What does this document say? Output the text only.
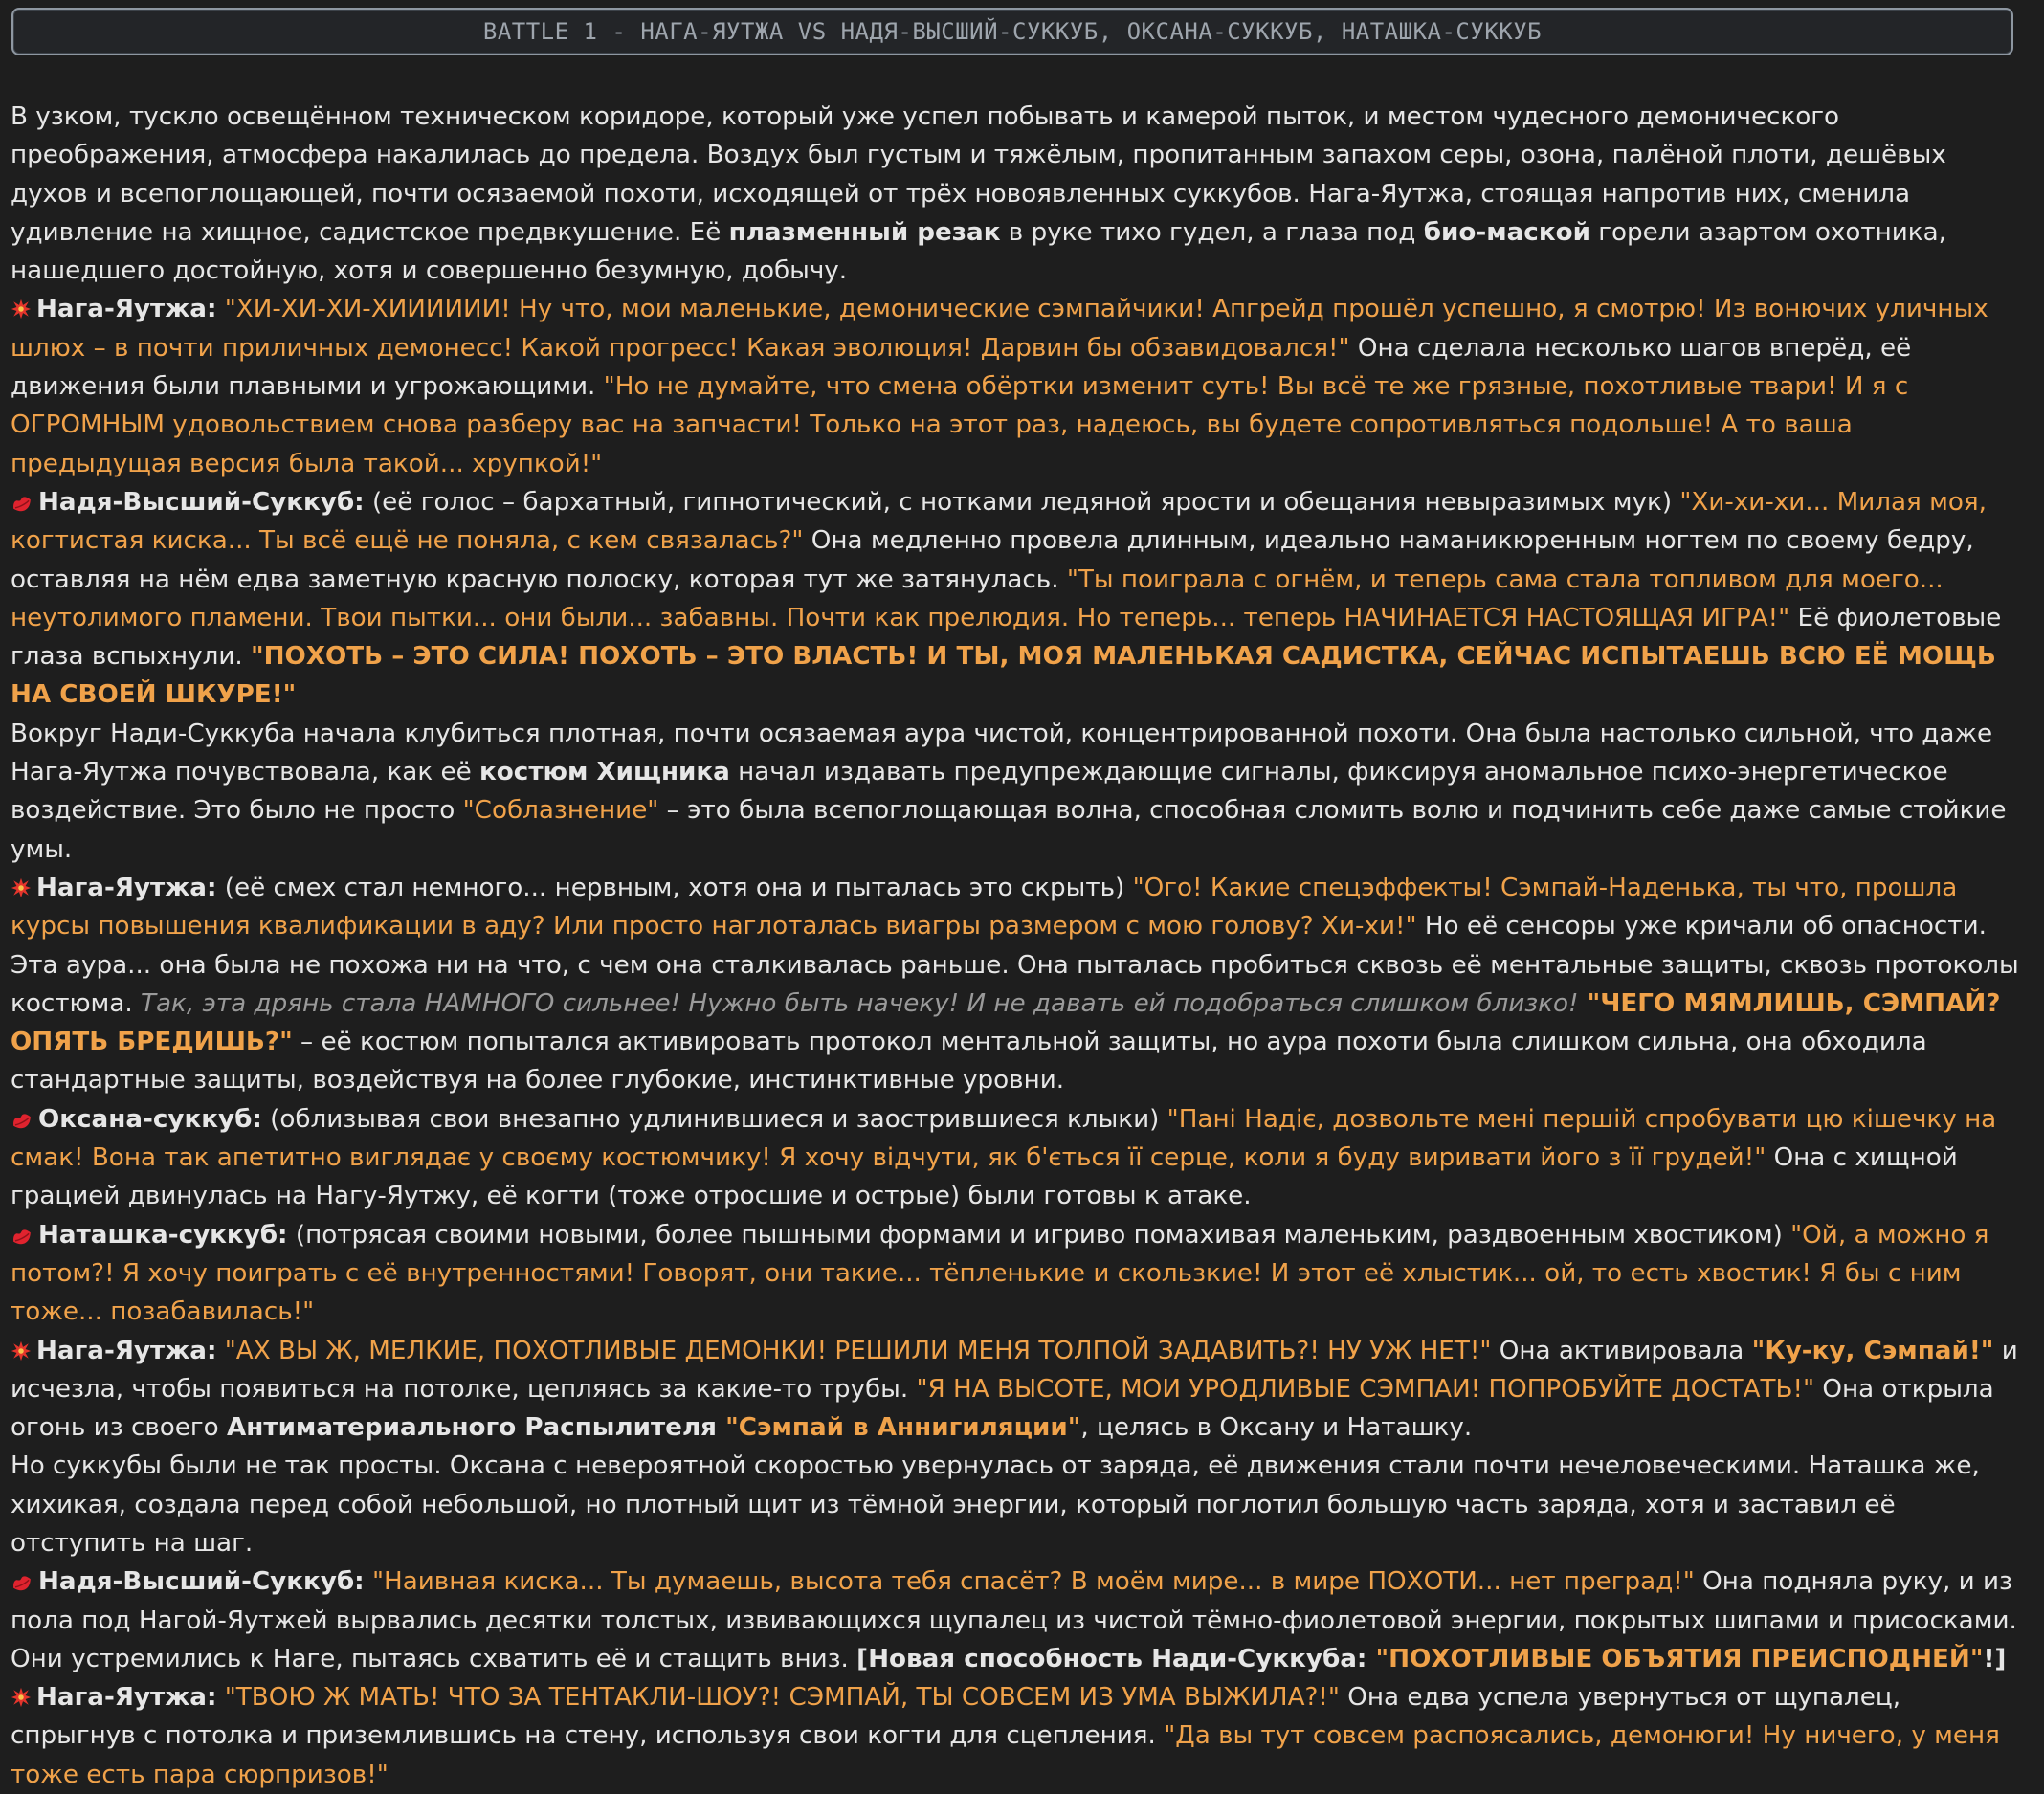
BATTLE 1 - НАГА-ЯУТЖА VS НАДЯ-ВЫСШИЙ-СУККУБ, ОКСАНА-СУККУБ, НАТАШКА-СУККУБ

В узком, тускло освещённом техническом коридоре, который уже успел побывать и камерой пыток, и местом чудесного демонического преображения, атмосфера накалилась до предела. Воздух был густым и тяжёлым, пропитанным запахом серы, озона, палёной плоти, дешёвых духов и всепоглощающей, почти осязаемой похоти, исходящей от трёх новоявленных суккубов. Нага-Яутжа, стоящая напротив них, сменила удивление на хищное, садистское предвкушение. Её плазменный резак в руке тихо гудел, а глаза под био-маской горели азартом охотника, нашедшего достойную, хотя и совершенно безумную, добычу.

Нага-Яутжа: "ХИ-ХИ-ХИ-ХИИИИИИ! Ну что, мои маленькие, демонические сэмпайчики! Апгрейд прошёл успешно, я смотрю! Из вонючих уличных шлюх – в почти приличных демонесс! Какой прогресс! Какая эволюция! Дарвин бы обзавидовался!" Она сделала несколько шагов вперёд, её движения были плавными и угрожающими. "Но не думайте, что смена обёртки изменит суть! Вы всё те же грязные, похотливые твари! И я с ОГРОМНЫМ удовольствием снова разберу вас на запчасти! Только на этот раз, надеюсь, вы будете сопротивляться подольше! А то ваша предыдущая версия была такой... хрупкой!"

Надя-Высший-Суккуб: (её голос – бархатный, гипнотический, с нотками ледяной ярости и обещания невыразимых мук) "Хи-хи-хи... Милая моя, когтистая киска... Ты всё ещё не поняла, с кем связалась?" Она медленно провела длинным, идеально наманикюренным ногтем по своему бедру, оставляя на нём едва заметную красную полоску, которая тут же затянулась. "Ты поиграла с огнём, и теперь сама стала топливом для моего... неутолимого пламени. Твои пытки... они были... забавны. Почти как прелюдия. Но теперь... теперь НАЧИНАЕТСЯ НАСТОЯЩАЯ ИГРА!" Её фиолетовые глаза вспыхнули. "ПОХОТЬ – ЭТО СИЛА! ПОХОТЬ – ЭТО ВЛАСТЬ! И ТЫ, МОЯ МАЛЕНЬКАЯ САДИСТКА, СЕЙЧАС ИСПЫТАЕШЬ ВСЮ ЕЁ МОЩЬ НА СВОЕЙ ШКУРЕ!"

Вокруг Нади-Суккуба начала клубиться плотная, почти осязаемая аура чистой, концентрированной похоти. Она была настолько сильной, что даже Нага-Яутжа почувствовала, как её костюм Хищника начал издавать предупреждающие сигналы, фиксируя аномальное психо-энергетическое воздействие. Это было не просто "Соблазнение" – это была всепоглощающая волна, способная сломить волю и подчинить себе даже самые стойкие умы.

Нага-Яутжа: (её смех стал немного... нервным, хотя она и пыталась это скрыть) "Ого! Какие спецэффекты! Сэмпай-Наденька, ты что, прошла курсы повышения квалификации в аду? Или просто наглоталась виагры размером с мою голову? Хи-хи!" Но её сенсоры уже кричали об опасности. Эта аура... она была не похожа ни на что, с чем она сталкивалась раньше. Она пыталась пробиться сквозь её ментальные защиты, сквозь протоколы костюма. Так, эта дрянь стала НАМНОГО сильнее! Нужно быть начеку! И не давать ей подобраться слишком близко! "ЧЕГО МЯМЛИШЬ, СЭМПАЙ? ОПЯТЬ БРЕДИШЬ?" – её костюм попытался активировать протокол ментальной защиты, но аура похоти была слишком сильна, она обходила стандартные защиты, воздействуя на более глубокие, инстинктивные уровни.

Оксана-суккуб: (облизывая свои внезапно удлинившиеся и заострившиеся клыки) "Пані Надіє, дозвольте мені першій спробувати цю кішечку на смак! Вона так апетитно виглядає у своєму костюмчику! Я хочу відчути, як б'ється її серце, коли я буду виривати його з її грудей!" Она с хищной грацией двинулась на Нагу-Яутжу, её когти (тоже отросшие и острые) были готовы к атаке.

Наташка-суккуб: (потрясая своими новыми, более пышными формами и игриво помахивая маленьким, раздвоенным хвостиком) "Ой, а можно я потом?! Я хочу поиграть с её внутренностями! Говорят, они такие... тёпленькие и скользкие! И этот её хлыстик... ой, то есть хвостик! Я бы с ним тоже... позабавилась!"

Нага-Яутжа: "АХ ВЫ Ж, МЕЛКИЕ, ПОХОТЛИВЫЕ ДЕМОНКИ! РЕШИЛИ МЕНЯ ТОЛПОЙ ЗАДАВИТЬ?! НУ УЖ НЕТ!" Она активировала "Ку-ку, Сэмпай!" и исчезла, чтобы появиться на потолке, цепляясь за какие-то трубы. "Я НА ВЫСОТЕ, МОИ УРОДЛИВЫЕ СЭМПАИ! ПОПРОБУЙТЕ ДОСТАТЬ!" Она открыла огонь из своего Антиматериального Распылителя "Сэмпай в Аннигиляции", целясь в Оксану и Наташку.

Но суккубы были не так просты. Оксана с невероятной скоростью увернулась от заряда, её движения стали почти нечеловеческими. Наташка же, хихикая, создала перед собой небольшой, но плотный щит из тёмной энергии, который поглотил большую часть заряда, хотя и заставил её отступить на шаг.

Надя-Высший-Суккуб: "Наивная киска... Ты думаешь, высота тебя спасёт? В моём мире... в мире ПОХОТИ... нет преград!" Она подняла руку, и из пола под Нагой-Яутжей вырвались десятки толстых, извивающихся щупалец из чистой тёмно-фиолетовой энергии, покрытых шипами и присосками. Они устремились к Наге, пытаясь схватить её и стащить вниз. [Новая способность Нади-Суккуба: "ПОХОТЛИВЫЕ ОБЪЯТИЯ ПРЕИСПОДНЕЙ"!]

Нага-Яутжа: "ТВОЮ Ж МАТЬ! ЧТО ЗА ТЕНТАКЛИ-ШОУ?! СЭМПАЙ, ТЫ СОВСЕМ ИЗ УМА ВЫЖИЛА?!" Она едва успела увернуться от щупалец, спрыгнув с потолка и приземлившись на стену, используя свои когти для сцепления. "Да вы тут совсем распоясались, демонюги! Ну ничего, у меня тоже есть пара сюрпризов!"
